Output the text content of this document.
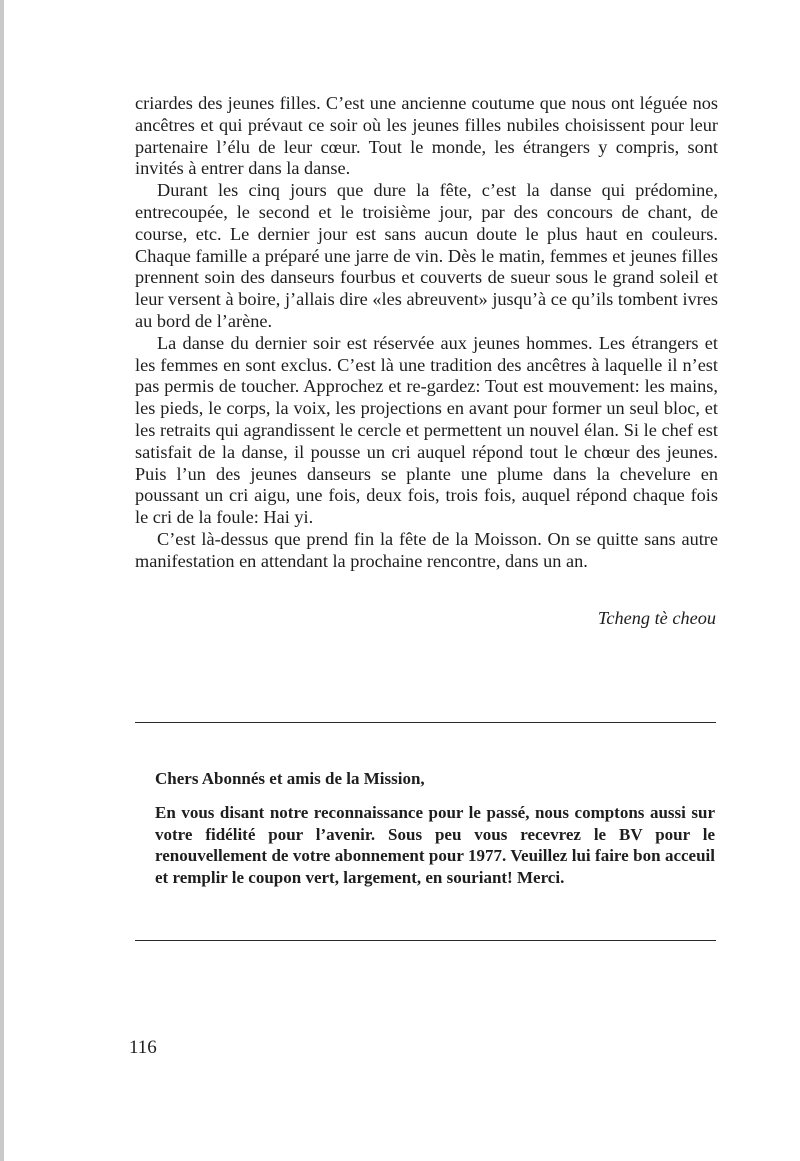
criardes des jeunes filles. C’est une ancienne coutume que nous ont léguée nos ancêtres et qui prévaut ce soir où les jeunes filles nubiles choisissent pour leur partenaire l’élu de leur cœur. Tout le monde, les étrangers y compris, sont invités à entrer dans la danse.

Durant les cinq jours que dure la fête, c’est la danse qui prédomine, entrecoupée, le second et le troisième jour, par des concours de chant, de course, etc. Le dernier jour est sans aucun doute le plus haut en couleurs. Chaque famille a préparé une jarre de vin. Dès le matin, femmes et jeunes filles prennent soin des danseurs fourbus et couverts de sueur sous le grand soleil et leur versent à boire, j’allais dire «les abreuvent» jusqu’à ce qu’ils tombent ivres au bord de l’arène.

La danse du dernier soir est réservée aux jeunes hommes. Les étrangers et les femmes en sont exclus. C’est là une tradition des ancêtres à laquelle il n’est pas permis de toucher. Approchez et re-gardez: Tout est mouvement: les mains, les pieds, le corps, la voix, les projections en avant pour former un seul bloc, et les retraits qui agrandissent le cercle et permettent un nouvel élan. Si le chef est satisfait de la danse, il pousse un cri auquel répond tout le chœur des jeunes. Puis l’un des jeunes danseurs se plante une plume dans la chevelure en poussant un cri aigu, une fois, deux fois, trois fois, auquel répond chaque fois le cri de la foule: Hai yi.

C’est là-dessus que prend fin la fête de la Moisson. On se quitte sans autre manifestation en attendant la prochaine rencontre, dans un an.

Tcheng tè cheou
Chers Abonnés et amis de la Mission,
En vous disant notre reconnaissance pour le passé, nous comptons aussi sur votre fidélité pour l’avenir. Sous peu vous recevrez le BV pour le renouvellement de votre abonnement pour 1977. Veuillez lui faire bon acceuil et remplir le coupon vert, largement, en souriant! Merci.
116
